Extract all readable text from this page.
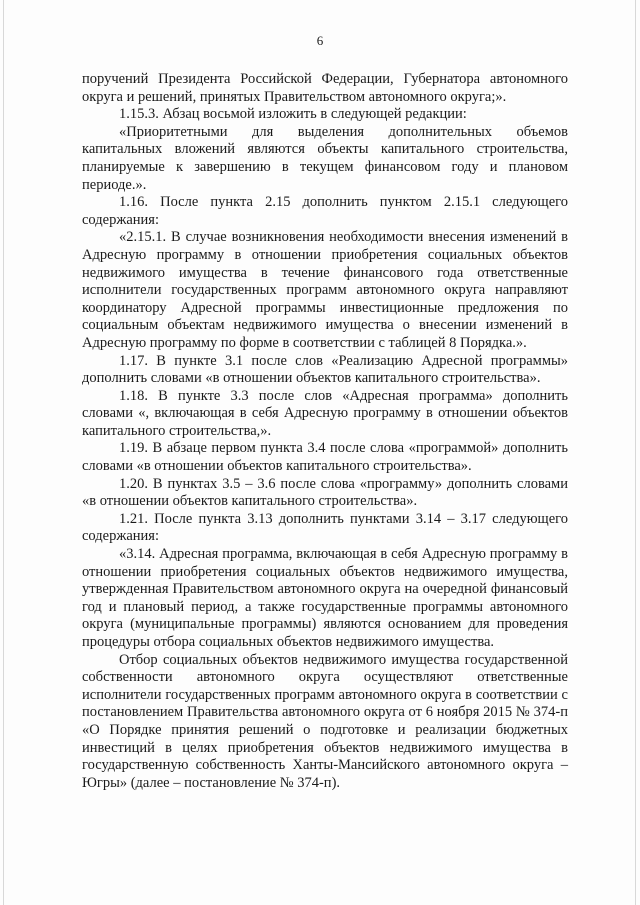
6

поручений Президента Российской Федерации, Губернатора автономного округа и решений, принятых Правительством автономного округа;».

1.15.3. Абзац восьмой изложить в следующей редакции:

«Приоритетными для выделения дополнительных объемов капитальных вложений являются объекты капитального строительства, планируемые к завершению в текущем финансовом году и плановом периоде.».

1.16. После пункта 2.15 дополнить пунктом 2.15.1 следующего содержания:

«2.15.1. В случае возникновения необходимости внесения изменений в Адресную программу в отношении приобретения социальных объектов недвижимого имущества в течение финансового года ответственные исполнители государственных программ автономного округа направляют координатору Адресной программы инвестиционные предложения по социальным объектам недвижимого имущества о внесении изменений в Адресную программу по форме в соответствии с таблицей 8 Порядка.».

1.17. В пункте 3.1 после слов «Реализацию Адресной программы» дополнить словами «в отношении объектов капитального строительства».

1.18. В пункте 3.3 после слов «Адресная программа» дополнить словами «, включающая в себя Адресную программу в отношении объектов капитального строительства,».

1.19. В абзаце первом пункта 3.4 после слова «программой» дополнить словами «в отношении объектов капитального строительства».

1.20. В пунктах 3.5 – 3.6 после слова «программу» дополнить словами «в отношении объектов капитального строительства».

1.21. После пункта 3.13 дополнить пунктами 3.14 – 3.17 следующего содержания:

«3.14. Адресная программа, включающая в себя Адресную программу в отношении приобретения социальных объектов недвижимого имущества, утвержденная Правительством автономного округа на очередной финансовый год и плановый период, а также государственные программы автономного округа (муниципальные программы) являются основанием для проведения процедуры отбора социальных объектов недвижимого имущества.

Отбор социальных объектов недвижимого имущества государственной собственности автономного округа осуществляют ответственные исполнители государственных программ автономного округа в соответствии с постановлением Правительства автономного округа от 6 ноября 2015 № 374-п «О Порядке принятия решений о подготовке и реализации бюджетных инвестиций в целях приобретения объектов недвижимого имущества в государственную собственность Ханты-Мансийского автономного округа – Югры» (далее – постановление № 374-п).
